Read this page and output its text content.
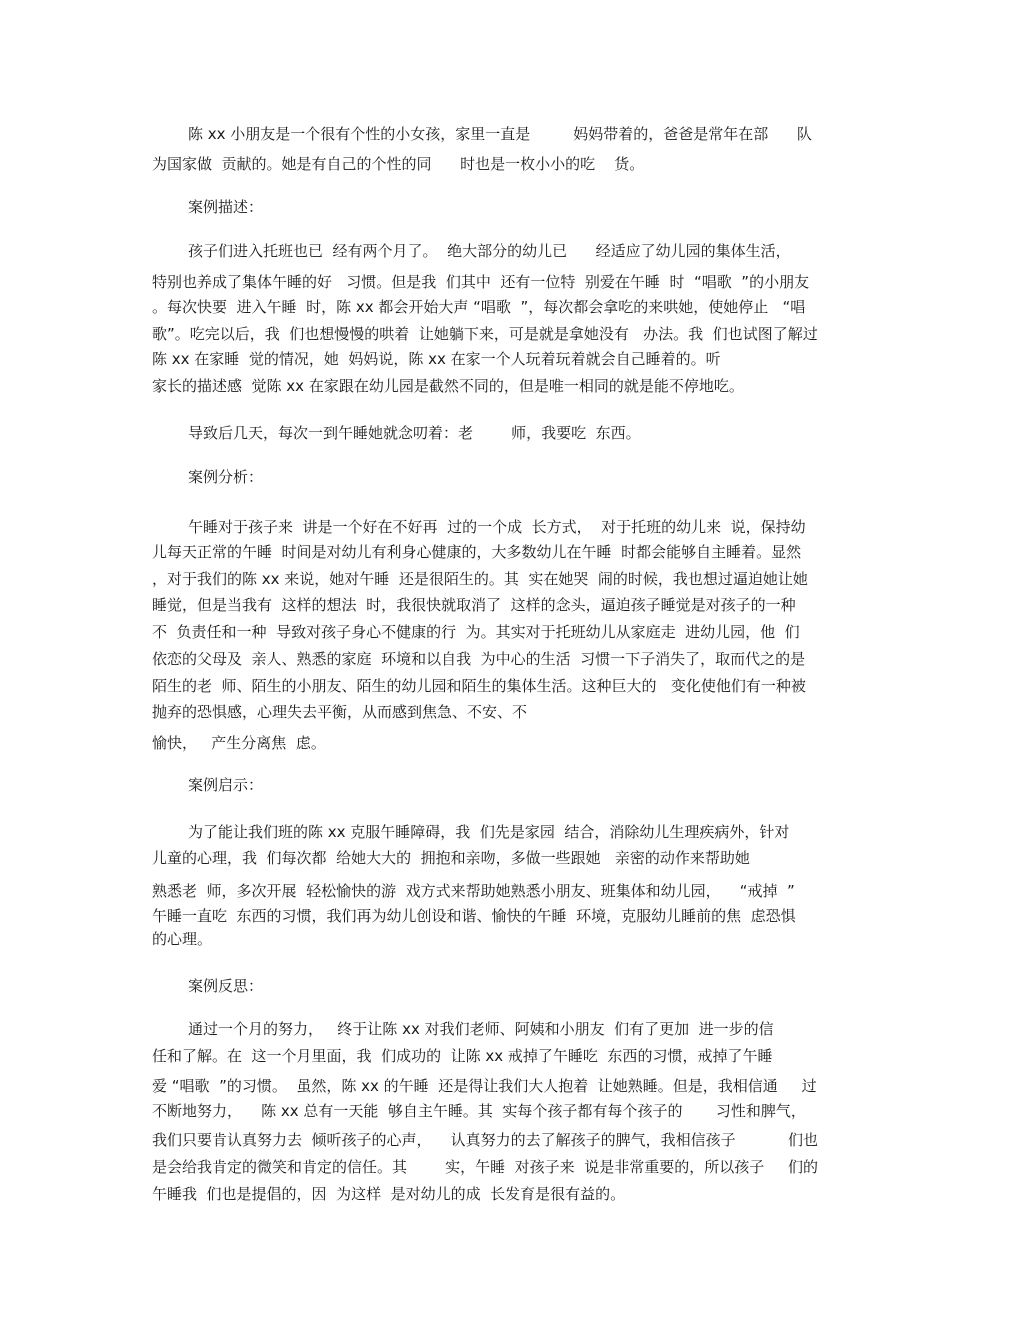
陈 xx 小朋友是一个很有个性的小女孩，家里一直是         妈妈带着的，爸爸是常年在部      队
为国家做  贡献的。她是有自己的个性的同      时也是一枚小小的吃    货。
案例描述：
孩子们进入托班也已  经有两个月了。  绝大部分的幼儿已      经适应了幼儿园的集体生活，
特别也养成了集体午睡的好   习惯。但是我  们其中  还有一位特  别爱在午睡  时  “唱歌  ”的小朋友
。每次快要  进入午睡  时，陈 xx 都会开始大声 “唱歌  ”，每次都会拿吃的来哄她，使她停止   “唱
歌”。吃完以后，我  们也想慢慢的哄着  让她躺下来，可是就是拿她没有   办法。我  们也试图了解过
陈 xx 在家睡  觉的情况，她  妈妈说，陈 xx 在家一个人玩着玩着就会自己睡着的。听
家长的描述感  觉陈 xx 在家跟在幼儿园是截然不同的，但是唯一相同的就是能不停地吃。
导致后几天，每次一到午睡她就念叨着：老        师，我要吃  东西。
案例分析：
午睡对于孩子来  讲是一个好在不好再  过的一个成  长方式，  对于托班的幼儿来  说，保持幼
儿每天正常的午睡  时间是对幼儿有利身心健康的，大多数幼儿在午睡  时都会能够自主睡着。显然
，对于我们的陈 xx 来说，她对午睡  还是很陌生的。其  实在她哭  闹的时候，我也想过逼迫她让她
睡觉，但是当我有  这样的想法  时，我很快就取消了  这样的念头，逼迫孩子睡觉是对孩子的一种
不  负责任和一种  导致对孩子身心不健康的行  为。其实对于托班幼儿从家庭走  进幼儿园，他  们
依恋的父母及  亲人、熟悉的家庭  环境和以自我  为中心的生活  习惯一下子消失了，取而代之的是
陌生的老  师、陌生的小朋友、陌生的幼儿园和陌生的集体生活。这种巨大的   变化使他们有一种被
抛弃的恐惧感，心理失去平衡，从而感到焦急、不安、不
愉快，   产生分离焦  虑。
案例启示：
为了能让我们班的陈 xx 克服午睡障碍，我  们先是家园  结合，消除幼儿生理疾病外，针对
儿童的心理，我  们每次都  给她大大的  拥抱和亲吻，多做一些跟她   亲密的动作来帮助她
熟悉老  师，多次开展  轻松愉快的游  戏方式来帮助她熟悉小朋友、班集体和幼儿园，    “戒掉  ”
午睡一直吃  东西的习惯，我们再为幼儿创设和谐、愉快的午睡  环境，克服幼儿睡前的焦  虑恐惧
的心理。
案例反思：
通过一个月的努力，   终于让陈 xx 对我们老师、阿姨和小朋友  们有了更加  进一步的信
任和了解。在  这一个月里面，我  们成功的  让陈 xx 戒掉了午睡吃  东西的习惯，戒掉了午睡
爱 “唱歌  ”的习惯。  虽然，陈 xx 的午睡  还是得让我们大人抱着  让她熟睡。但是，我相信通     过
不断地努力，    陈 xx 总有一天能  够自主午睡。其  实每个孩子都有每个孩子的       习性和脾气，
我们只要肯认真努力去  倾听孩子的心声，    认真努力的去了解孩子的脾气，我相信孩子           们也
是会给我肯定的微笑和肯定的信任。其        实，午睡  对孩子来  说是非常重要的，所以孩子     们的
午睡我  们也是提倡的，因  为这样  是对幼儿的成  长发育是很有益的。
